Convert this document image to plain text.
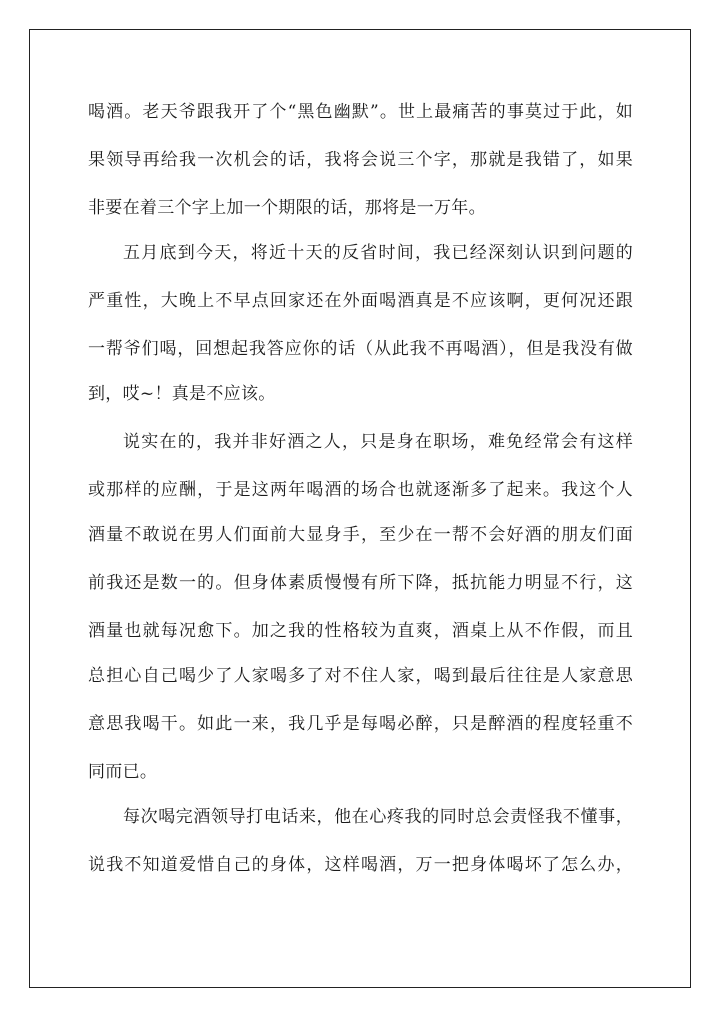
喝酒。老天爷跟我开了个“黑色幽默”。世上最痛苦的事莫过于此，如
果领导再给我一次机会的话，我将会说三个字，那就是我错了，如果
非要在着三个字上加一个期限的话，那将是一万年。
五月底到今天，将近十天的反省时间，我已经深刻认识到问题的
严重性，大晚上不早点回家还在外面喝酒真是不应该啊，更何况还跟
一帮爷们喝，回想起我答应你的话（从此我不再喝酒），但是我没有做
到，哎~！真是不应该。
说实在的，我并非好酒之人，只是身在职场，难免经常会有这样
或那样的应酬，于是这两年喝酒的场合也就逐渐多了起来。我这个人
酒量不敢说在男人们面前大显身手，至少在一帮不会好酒的朋友们面
前我还是数一的。但身体素质慢慢有所下降，抵抗能力明显不行，这
酒量也就每况愈下。加之我的性格较为直爽，酒桌上从不作假，而且
总担心自己喝少了人家喝多了对不住人家，喝到最后往往是人家意思
意思我喝干。如此一来，我几乎是每喝必醉，只是醉酒的程度轻重不
同而已。
每次喝完酒领导打电话来，他在心疼我的同时总会责怪我不懂事，
说我不知道爱惜自己的身体，这样喝酒，万一把身体喝坏了怎么办，
